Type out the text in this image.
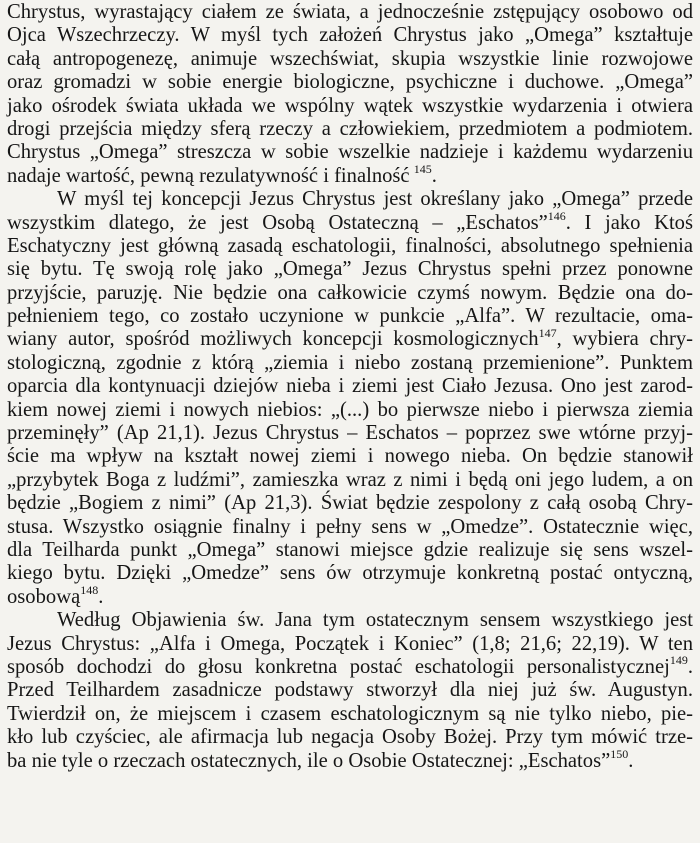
Chrystus, wyrastający ciałem ze świata, a jednocześnie zstępujący osobowo od
Ojca Wszechrzeczy. W myśl tych założeń Chrystus jako „Omega” kształtuje
całą antropogenezę, animuje wszechświat, skupia wszystkie linie rozwojowe
oraz gromadzi w sobie energie biologiczne, psychiczne i duchowe. „Omega”
jako ośrodek świata układa we wspólny wątek wszystkie wydarzenia i otwiera
drogi przejścia między sferą rzeczy a człowiekiem, przedmiotem a podmiotem.
Chrystus „Omega” streszcza w sobie wszelkie nadzieje i każdemu wydarzeniu
nadaje wartość, pewną rezulatywność i finalność  $^{145}$.
W myśl tej koncepcji Jezus Chrystus jest określany jako „Omega” przede
wszystkim dlatego, że jest Osobą Ostateczną – „Eschatos”$^{146}$. I jako Ktoś
Eschatyczny jest główną zasadą eschatologii, finalności, absolutnego spełnienia
się bytu. Tę swoją rolę jako „Omega” Jezus Chrystus spełni przez ponowne
przyjście, paruzję. Nie będzie ona całkowicie czymś nowym. Będzie ona do-
pełnieniem tego, co zostało uczynione w punkcie „Alfa”. W rezultacie, oma-
wiany autor, spośród możliwych koncepcji kosmologicznych$^{147}$, wybiera chry-
stologiczną, zgodnie z którą „ziemia i niebo zostaną przemienione”. Punktem
oparcia dla kontynuacji dziejów nieba i ziemi jest Ciało Jezusa. Ono jest zarod-
kiem nowej ziemi i nowych niebios: „(...) bo pierwsze niebo i pierwsza ziemia
przeminęły” (Ap 21,1). Jezus Chrystus – Eschatos – poprzez swe wtórne przyj-
ście ma wpływ na kształt nowej ziemi i nowego nieba. On będzie stanowił
„przybytek Boga z ludźmi”, zamieszka wraz z nimi i będą oni jego ludem, a on
będzie „Bogiem z nimi” (Ap 21,3). Świat będzie zespolony z całą osobą Chry-
stusa. Wszystko osiągnie finalny i pełny sens w „Omedze”. Ostatecznie więc,
dla Teilharda punkt „Omega” stanowi miejsce gdzie realizuje się sens wszel-
kiego bytu. Dzięki „Omedze” sens ów otrzymuje konkretną postać ontyczną,
osobową$^{148}$.
Według Objawienia św. Jana tym ostatecznym sensem wszystkiego jest
Jezus Chrystus: „Alfa i Omega, Początek i Koniec” (1,8; 21,6; 22,19). W ten
sposób dochodzi do głosu konkretna postać eschatologii personalistycznej$^{149}$.
Przed Teilhardem zasadnicze podstawy stworzył dla niej już św. Augustyn.
Twierdził on, że miejscem i czasem eschatologicznym są nie tylko niebo, pie-
kło lub czyściec, ale afirmacja lub negacja Osoby Bożej. Przy tym mówić trze-
ba nie tyle o rzeczach ostatecznych, ile o Osobie Ostatecznej: „Eschatos”$^{150}$.
